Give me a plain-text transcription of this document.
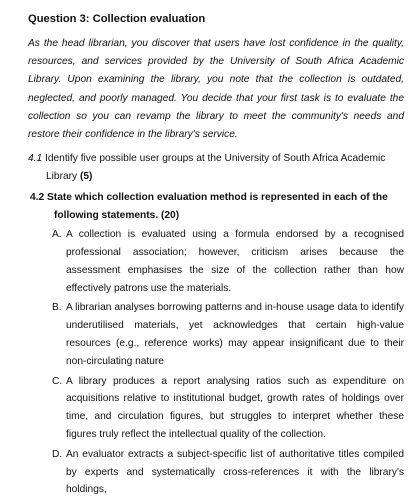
Question 3: Collection evaluation

As the head librarian, you discover that users have lost confidence in the quality, resources, and services provided by the University of South Africa Academic Library. Upon examining the library, you note that the collection is outdated, neglected, and poorly managed. You decide that your first task is to evaluate the collection so you can revamp the library to meet the community's needs and restore their confidence in the library's service.

4.1 Identify five possible user groups at the University of South Africa Academic Library (5)

4.2 State which collection evaluation method is represented in each of the following statements. (20)

A. A collection is evaluated using a formula endorsed by a recognised professional association; however, criticism arises because the assessment emphasises the size of the collection rather than how effectively patrons use the materials.
B. A librarian analyses borrowing patterns and in-house usage data to identify underutilised materials, yet acknowledges that certain high-value resources (e.g., reference works) may appear insignificant due to their non-circulating nature
C. A library produces a report analysing ratios such as expenditure on acquisitions relative to institutional budget, growth rates of holdings over time, and circulation figures, but struggles to interpret whether these figures truly reflect the intellectual quality of the collection.
D. An evaluator extracts a subject-specific list of authoritative titles compiled by experts and systematically cross-references it with the library's holdings,
